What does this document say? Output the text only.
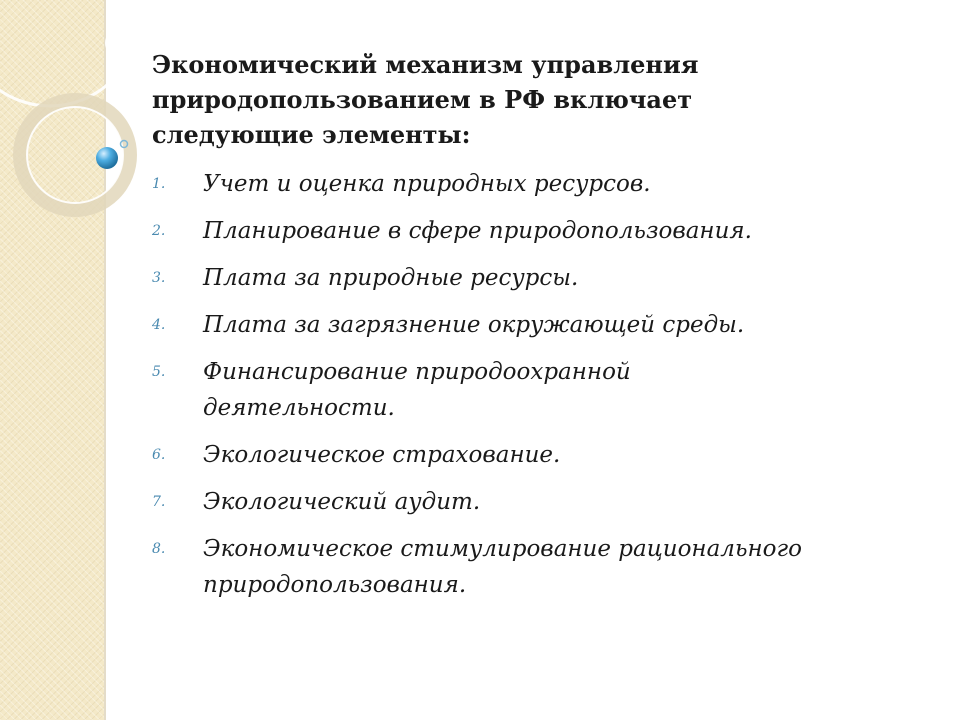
Экономический механизм управления
природопользованием в РФ включает
следующие элементы:
1.	Учет и оценка природных ресурсов.
2.	Планирование в сфере природопользования.
3.	Плата за природные ресурсы.
4.	Плата за загрязнение окружающей среды.
5.	Финансирование природоохранной
деятельности.
6.	Экологическое страхование.
7.	Экологический аудит.
8.	Экономическое стимулирование рационального
природопользования.
